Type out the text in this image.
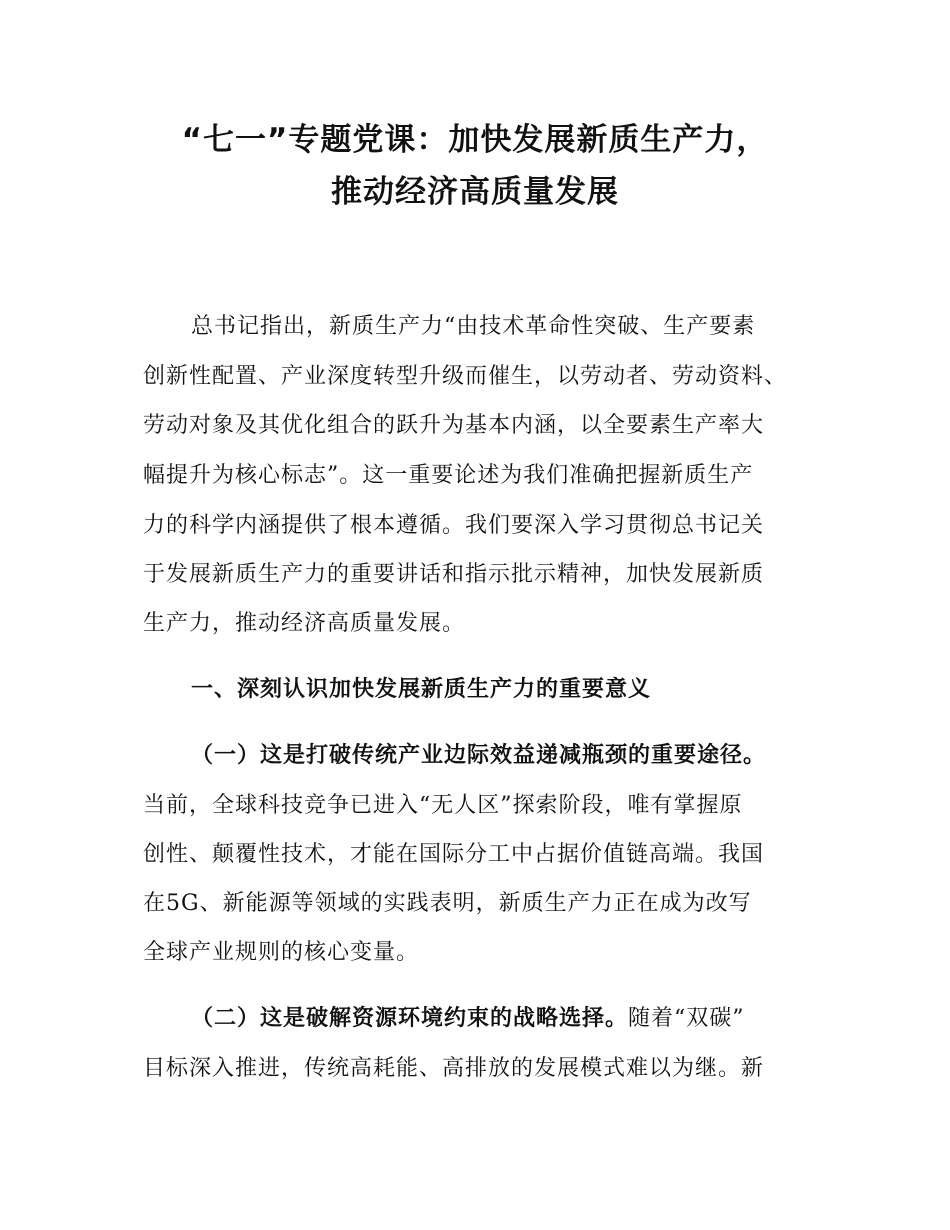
“七一”专题党课：加快发展新质生产力，
推动经济高质量发展
总书记指出，新质生产力“由技术革命性突破、生产要素
创新性配置、产业深度转型升级而催生，以劳动者、劳动资料、
劳动对象及其优化组合的跃升为基本内涵，以全要素生产率大
幅提升为核心标志”。这一重要论述为我们准确把握新质生产
力的科学内涵提供了根本遵循。我们要深入学习贯彻总书记关
于发展新质生产力的重要讲话和指示批示精神，加快发展新质
生产力，推动经济高质量发展。
一、深刻认识加快发展新质生产力的重要意义
（一）这是打破传统产业边际效益递减瓶颈的重要途径。
当前，全球科技竞争已进入“无人区”探索阶段，唯有掌握原
创性、颠覆性技术，才能在国际分工中占据价值链高端。我国
在5G、新能源等领域的实践表明，新质生产力正在成为改写
全球产业规则的核心变量。
（二）这是破解资源环境约束的战略选择。随着“双碳”
目标深入推进，传统高耗能、高排放的发展模式难以为继。新
